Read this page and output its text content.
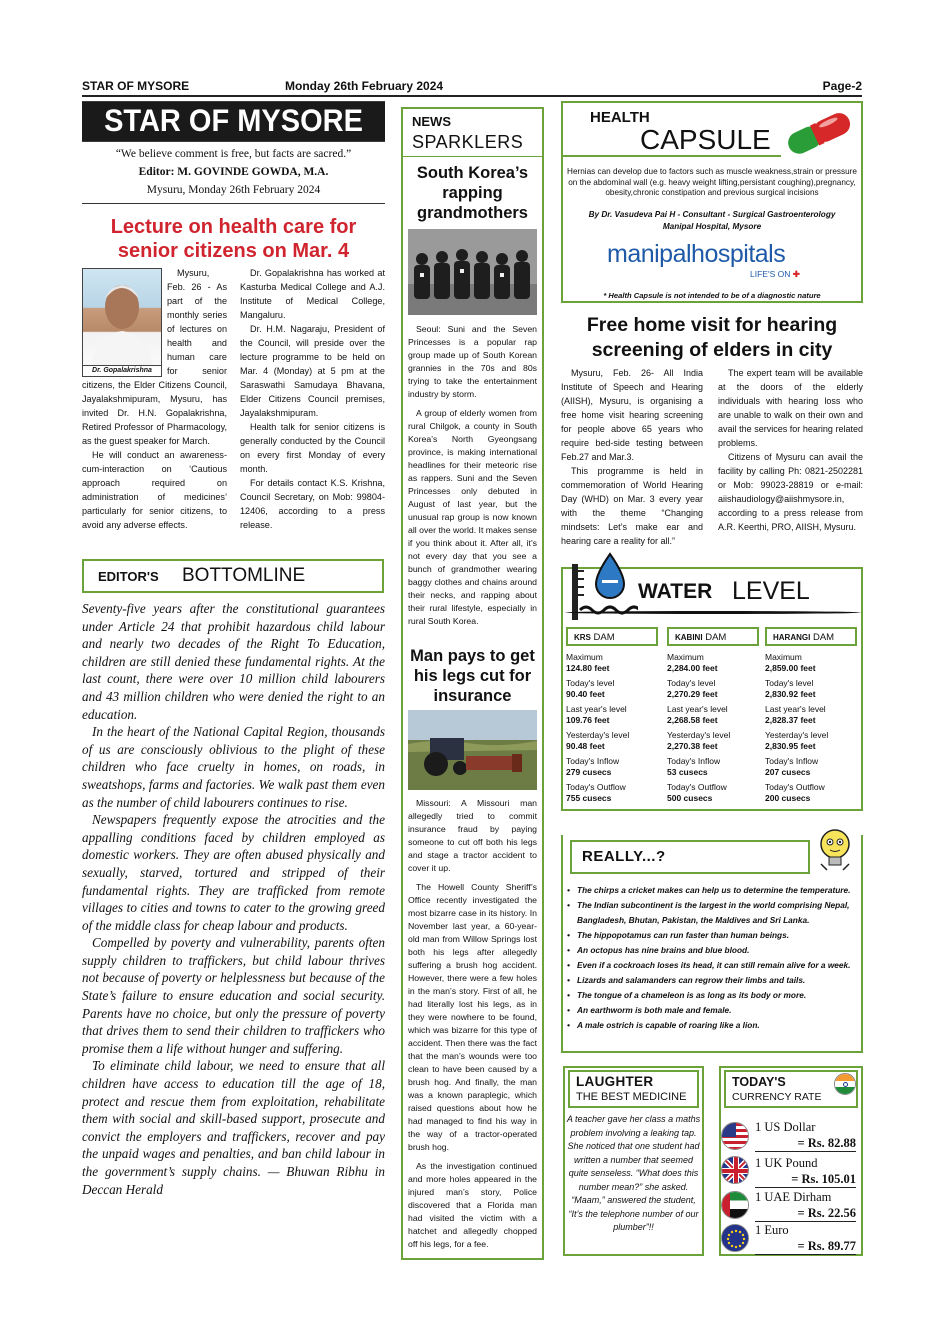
STAR OF MYSORE	Monday 26th February 2024	Page-2
STAR OF MYSORE
“We believe comment is free, but facts are sacred.”
Editor: M. GOVINDE GOWDA, M.A.
Mysuru, Monday 26th February 2024
Lecture on health care for senior citizens on Mar. 4
Dr. Gopalakrishna

Mysuru, Feb. 26 - As part of the monthly series of lectures on health and human care for senior citizens, the Elder Citizens Council, Jayalakshmipuram, Mysuru, has invited Dr. H.N. Gopalakrishna, Retired Professor of Pharmacology, as the guest speaker for March.

He will conduct an awareness-cum-interaction on ‘Cautious approach required on administration of medicines’ particularly for senior citizens, to avoid any adverse effects.

Dr. Gopalakrishna has worked at Kasturba Medical College and A.J. Institute of Medical College, Mangaluru.

Dr. H.M. Nagaraju, President of the Council, will preside over the lecture programme to be held on Mar. 4 (Monday) at 5 pm at the Saraswathi Samudaya Bhavana, Elder Citizens Council premises, Jayalakshmipuram.

Health talk for senior citizens is generally conducted by the Council on every first Monday of every month.

For details contact K.S. Krishna, Council Secretary, on Mob: 99804-12406, according to a press release.

EDITOR'S BOTTOMLINE

Seventy-five years after the constitutional guarantees under Article 24 that prohibit hazardous child labour and nearly two decades of the Right To Education, children are still denied these fundamental rights. At the last count, there were over 10 million child labourers and 43 million children who were denied the right to an education.

In the heart of the National Capital Region, thousands of us are consciously oblivious to the plight of these children who face cruelty in homes, on roads, in sweatshops, farms and factories. We walk past them even as the number of child labourers continues to rise.

Newspapers frequently expose the atrocities and the appalling conditions faced by children employed as domestic workers. They are often abused physically and sexually, starved, tortured and stripped of their fundamental rights. They are trafficked from remote villages to cities and towns to cater to the growing greed of the middle class for cheap labour and products.

Compelled by poverty and vulnerability, parents often supply children to traffickers, but child labour thrives not because of poverty or helplessness but because of the State’s failure to ensure education and social security. Parents have no choice, but only the pressure of poverty that drives them to send their children to traffickers who promise them a life without hunger and suffering.

To eliminate child labour, we need to ensure that all children have access to education till the age of 18, protect and rescue them from exploitation, rehabilitate them with social and skill-based support, prosecute and convict the employers and traffickers, recover and pay the unpaid wages and penalties, and ban child labour in the government’s supply chains. — Bhuwan Ribhu in Deccan Herald

NEWS
SPARKLERS
South Korea’s rapping grandmothers

Seoul: Suni and the Seven Princesses is a popular rap group made up of South Korean grannies in the 70s and 80s trying to take the entertainment industry by storm.

A group of elderly women from rural Chilgok, a county in South Korea’s North Gyeongsang province, is making international headlines for their meteoric rise as rappers. Suni and the Seven Princesses only debuted in August of last year, but the unusual rap group is now known all over the world. It makes sense if you think about it. After all, it’s not every day that you see a bunch of grandmother wearing baggy clothes and chains around their necks, and rapping about their rural lifestyle, especially in rural South Korea.

Man pays to get his legs cut for insurance

Missouri: A Missouri man allegedly tried to commit insurance fraud by paying someone to cut off both his legs and stage a tractor accident to cover it up.

The Howell County Sheriff’s Office recently investigated the most bizarre case in its history. In November last year, a 60-year-old man from Willow Springs lost both his legs after allegedly suffering a brush hog accident. However, there were a few holes in the man’s story. First of all, he had literally lost his legs, as in they were nowhere to be found, which was bizarre for this type of accident. Then there was the fact that the man’s wounds were too clean to have been caused by a brush hog. And finally, the man was a known paraplegic, which raised questions about how he had managed to find his way in the way of a tractor-operated brush hog.

As the investigation continued and more holes appeared in the injured man’s story, Police discovered that a Florida man had visited the victim with a hatchet and allegedly chopped off his legs, for a fee.

HEALTH
CAPSULE
Hernias can develop due to factors such as muscle weakness,strain or pressure on the abdominal wall (e.g. heavy weight lifting,persistant coughing),pregnancy, obesity,chronic constipation and previous surgical incisions
By Dr. Vasudeva Pai H - Consultant - Surgical Gastroenterology
Manipal Hospital, Mysore
manipalhospitals
LIFE'S ON ✚
* Health Capsule is not intended to be of a diagnostic nature
Free home visit for hearing screening of elders in city

Mysuru, Feb. 26- All India Institute of Speech and Hearing (AIISH), Mysuru, is organising a free home visit hearing screening for people above 65 years who require bed-side testing between Feb.27 and Mar.3.

This programme is held in commemoration of World Hearing Day (WHD) on Mar. 3 every year with the theme “Changing mindsets: Let’s make ear and hearing care a reality for all.”

The expert team will be available at the doors of the elderly individuals with hearing loss who are unable to walk on their own and avail the services for hearing related problems.

Citizens of Mysuru can avail the facility by calling Ph: 0821-2502281 or Mob: 99023-28819 or e-mail: aiishaudiology@aiishmysore.in, according to a press release from A.R. Keerthi, PRO, AIISH, Mysuru.

WATER LEVEL
KRS DAM
Maximum
124.80 feet
Today's level
90.40 feet
Last year's level
109.76 feet
Yesterday's level
90.48 feet
Today's Inflow
279 cusecs
Today's Outflow
755 cusecs
KABINI DAM
Maximum
2,284.00 feet
Today's level
2,270.29 feet
Last year's level
2,268.58 feet
Yesterday's level
2,270.38 feet
Today's Inflow
53 cusecs
Today's Outflow
500 cusecs
HARANGI DAM
Maximum
2,859.00 feet
Today's level
2,830.92 feet
Last year's level
2,828.37 feet
Yesterday's level
2,830.95 feet
Today's Inflow
207 cusecs
Today's Outflow
200 cusecs
REALLY...?
• The chirps a cricket makes can help us to determine the temperature.
• The Indian subcontinent is the largest in the world comprising Nepal, Bangladesh, Bhutan, Pakistan, the Maldives and Sri Lanka.
• The hippopotamus can run faster than human beings.
• An octopus has nine brains and blue blood.
• Even if a cockroach loses its head, it can still remain alive for a week.
• Lizards and salamanders can regrow their limbs and tails.
• The tongue of a chameleon is as long as its body or more.
• An earthworm is both male and female.
• A male ostrich is capable of roaring like a lion.
LAUGHTER
THE BEST MEDICINE
A teacher gave her class a maths problem involving a leaking tap. She noticed that one student had written a number that seemed quite senseless. “What does this number mean?” she asked. “Maam,” answered the student, “It’s the telephone number of our plumber”!!
TODAY'S
CURRENCY RATE
1 US Dollar
= Rs. 82.88
1 UK Pound
= Rs. 105.01
1 UAE Dirham
= Rs. 22.56
1 Euro
= Rs. 89.77
